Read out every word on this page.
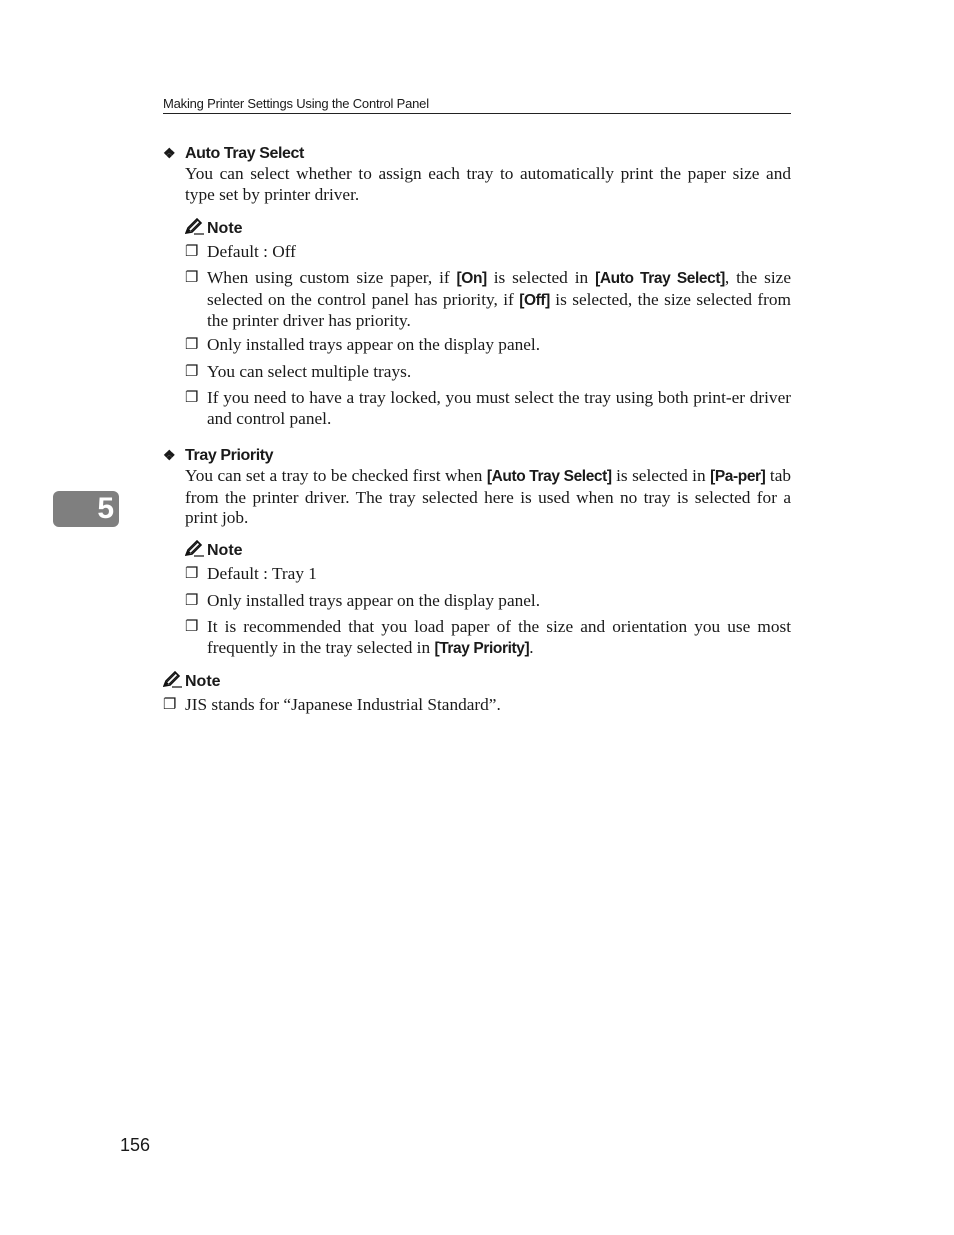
Making Printer Settings Using the Control Panel
5
❖ Auto Tray Select
You can select whether to assign each tray to automatically print the paper size and type set by printer driver.
Note
❐ Default : Off
❐ When using custom size paper, if [On] is selected in [Auto Tray Select], the size selected on the control panel has priority, if [Off] is selected, the size selected from the printer driver has priority.
❐ Only installed trays appear on the display panel.
❐ You can select multiple trays.
❐ If you need to have a tray locked, you must select the tray using both print-er driver and control panel.
❖ Tray Priority
You can set a tray to be checked first when [Auto Tray Select] is selected in [Pa-per] tab from the printer driver. The tray selected here is used when no tray is selected for a print job.
Note
❐ Default : Tray 1
❐ Only installed trays appear on the display panel.
❐ It is recommended that you load paper of the size and orientation you use most frequently in the tray selected in [Tray Priority].
Note
❐ JIS stands for “Japanese Industrial Standard”.
156
